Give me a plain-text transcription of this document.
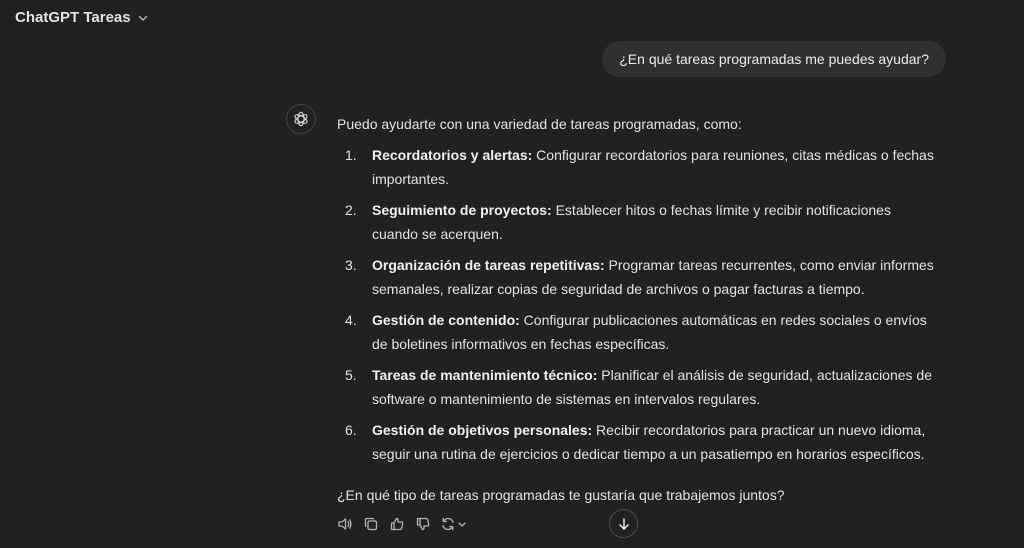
ChatGPT Tareas
¿En qué tareas programadas me puedes ayudar?

Puedo ayudarte con una variedad de tareas programadas, como:

1.	Recordatorios y alertas: Configurar recordatorios para reuniones, citas médicas o fechas importantes.
2.	Seguimiento de proyectos: Establecer hitos o fechas límite y recibir notificaciones cuando se acerquen.
3.	Organización de tareas repetitivas: Programar tareas recurrentes, como enviar informes semanales, realizar copias de seguridad de archivos o pagar facturas a tiempo.
4.	Gestión de contenido: Configurar publicaciones automáticas en redes sociales o envíos de boletines informativos en fechas específicas.
5.	Tareas de mantenimiento técnico: Planificar el análisis de seguridad, actualizaciones de software o mantenimiento de sistemas en intervalos regulares.
6.	Gestión de objetivos personales: Recibir recordatorios para practicar un nuevo idioma, seguir una rutina de ejercicios o dedicar tiempo a un pasatiempo en horarios específicos.

¿En qué tipo de tareas programadas te gustaría que trabajemos juntos?
